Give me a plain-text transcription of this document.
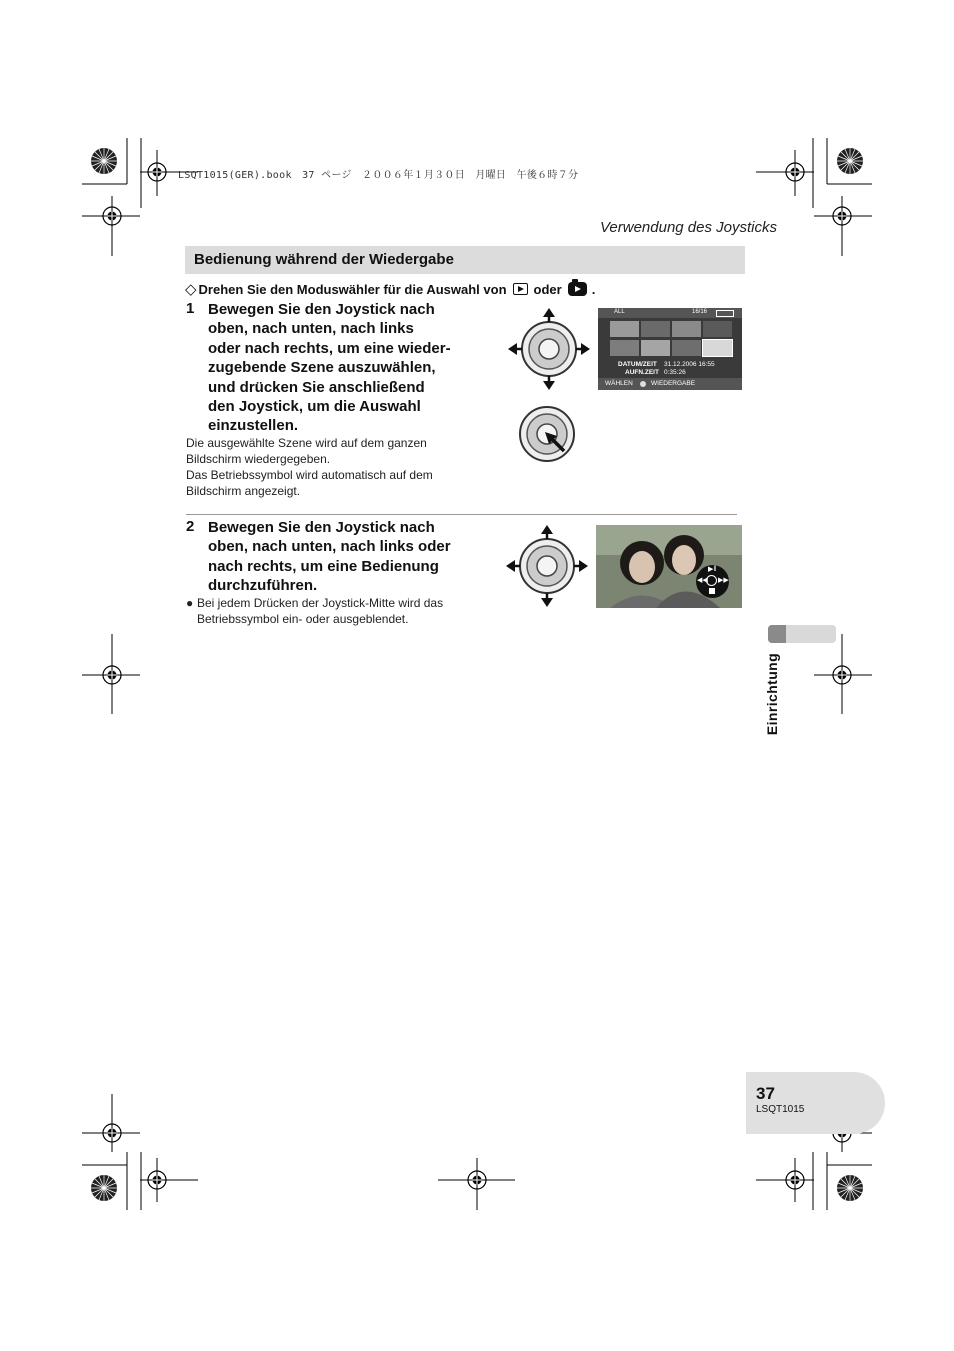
LSQT1015(GER).book　37 ページ　２００６年１月３０日　月曜日　午後６時７分
Verwendung des Joysticks
Bedienung während der Wiedergabe
◇ Drehen Sie den Moduswähler für die Auswahl von oder .
1 Bewegen Sie den Joystick nach
oben, nach unten, nach links
oder nach rechts, um eine wieder-
zugebende Szene auszuwählen,
und drücken Sie anschließend
den Joystick, um die Auswahl
einzustellen.
Die ausgewählte Szene wird auf dem ganzen
Bildschirm wiedergegeben.
Das Betriebssymbol wird automatisch auf dem
Bildschirm angezeigt.
ALL	16/16
DATUM/ZEIT 31.12.2006 16:55
AUFN.ZEIT 0:35:26
WÄHLEN	WIEDERGABE
2 Bewegen Sie den Joystick nach
oben, nach unten, nach links oder
nach rechts, um eine Bedienung
durchzuführen.
● Bei jedem Drücken der Joystick-Mitte wird das
Betriebssymbol ein- oder ausgeblendet.
▶‖
◀◀ ▶▶
Einrichtung
37
LSQT1015
